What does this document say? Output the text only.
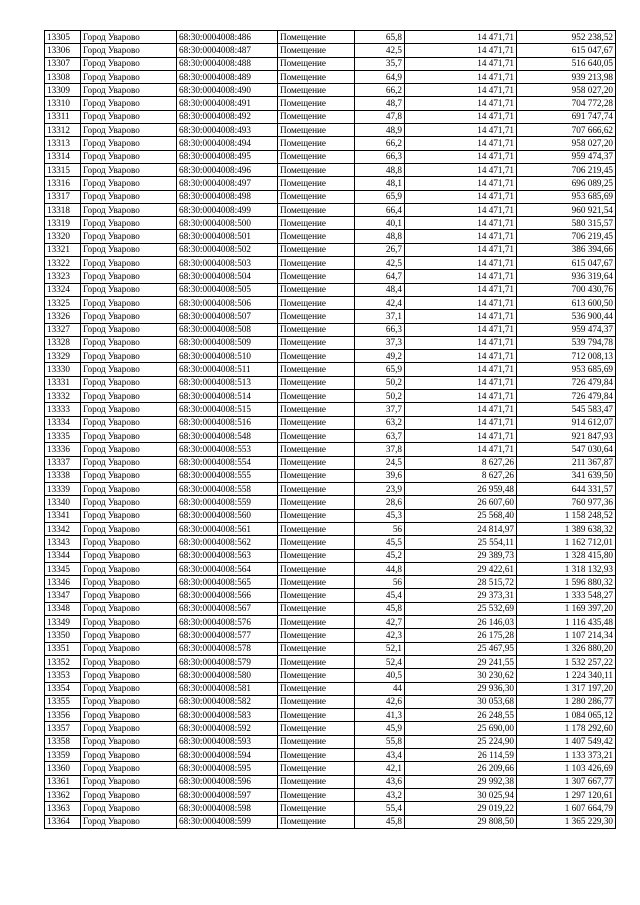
13305	Город Уварово	68:30:0004008:486	Помещение	65,8	14 471,71	952 238,52
13306	Город Уварово	68:30:0004008:487	Помещение	42,5	14 471,71	615 047,67
13307	Город Уварово	68:30:0004008:488	Помещение	35,7	14 471,71	516 640,05
13308	Город Уварово	68:30:0004008:489	Помещение	64,9	14 471,71	939 213,98
13309	Город Уварово	68:30:0004008:490	Помещение	66,2	14 471,71	958 027,20
13310	Город Уварово	68:30:0004008:491	Помещение	48,7	14 471,71	704 772,28
13311	Город Уварово	68:30:0004008:492	Помещение	47,8	14 471,71	691 747,74
13312	Город Уварово	68:30:0004008:493	Помещение	48,9	14 471,71	707 666,62
13313	Город Уварово	68:30:0004008:494	Помещение	66,2	14 471,71	958 027,20
13314	Город Уварово	68:30:0004008:495	Помещение	66,3	14 471,71	959 474,37
13315	Город Уварово	68:30:0004008:496	Помещение	48,8	14 471,71	706 219,45
13316	Город Уварово	68:30:0004008:497	Помещение	48,1	14 471,71	696 089,25
13317	Город Уварово	68:30:0004008:498	Помещение	65,9	14 471,71	953 685,69
13318	Город Уварово	68:30:0004008:499	Помещение	66,4	14 471,71	960 921,54
13319	Город Уварово	68:30:0004008:500	Помещение	40,1	14 471,71	580 315,57
13320	Город Уварово	68:30:0004008:501	Помещение	48,8	14 471,71	706 219,45
13321	Город Уварово	68:30:0004008:502	Помещение	26,7	14 471,71	386 394,66
13322	Город Уварово	68:30:0004008:503	Помещение	42,5	14 471,71	615 047,67
13323	Город Уварово	68:30:0004008:504	Помещение	64,7	14 471,71	936 319,64
13324	Город Уварово	68:30:0004008:505	Помещение	48,4	14 471,71	700 430,76
13325	Город Уварово	68:30:0004008:506	Помещение	42,4	14 471,71	613 600,50
13326	Город Уварово	68:30:0004008:507	Помещение	37,1	14 471,71	536 900,44
13327	Город Уварово	68:30:0004008:508	Помещение	66,3	14 471,71	959 474,37
13328	Город Уварово	68:30:0004008:509	Помещение	37,3	14 471,71	539 794,78
13329	Город Уварово	68:30:0004008:510	Помещение	49,2	14 471,71	712 008,13
13330	Город Уварово	68:30:0004008:511	Помещение	65,9	14 471,71	953 685,69
13331	Город Уварово	68:30:0004008:513	Помещение	50,2	14 471,71	726 479,84
13332	Город Уварово	68:30:0004008:514	Помещение	50,2	14 471,71	726 479,84
13333	Город Уварово	68:30:0004008:515	Помещение	37,7	14 471,71	545 583,47
13334	Город Уварово	68:30:0004008:516	Помещение	63,2	14 471,71	914 612,07
13335	Город Уварово	68:30:0004008:548	Помещение	63,7	14 471,71	921 847,93
13336	Город Уварово	68:30:0004008:553	Помещение	37,8	14 471,71	547 030,64
13337	Город Уварово	68:30:0004008:554	Помещение	24,5	8 627,26	211 367,87
13338	Город Уварово	68:30:0004008:555	Помещение	39,6	8 627,26	341 639,50
13339	Город Уварово	68:30:0004008:558	Помещение	23,9	26 959,48	644 331,57
13340	Город Уварово	68:30:0004008:559	Помещение	28,6	26 607,60	760 977,36
13341	Город Уварово	68:30:0004008:560	Помещение	45,3	25 568,40	1 158 248,52
13342	Город Уварово	68:30:0004008:561	Помещение	56	24 814,97	1 389 638,32
13343	Город Уварово	68:30:0004008:562	Помещение	45,5	25 554,11	1 162 712,01
13344	Город Уварово	68:30:0004008:563	Помещение	45,2	29 389,73	1 328 415,80
13345	Город Уварово	68:30:0004008:564	Помещение	44,8	29 422,61	1 318 132,93
13346	Город Уварово	68:30:0004008:565	Помещение	56	28 515,72	1 596 880,32
13347	Город Уварово	68:30:0004008:566	Помещение	45,4	29 373,31	1 333 548,27
13348	Город Уварово	68:30:0004008:567	Помещение	45,8	25 532,69	1 169 397,20
13349	Город Уварово	68:30:0004008:576	Помещение	42,7	26 146,03	1 116 435,48
13350	Город Уварово	68:30:0004008:577	Помещение	42,3	26 175,28	1 107 214,34
13351	Город Уварово	68:30:0004008:578	Помещение	52,1	25 467,95	1 326 880,20
13352	Город Уварово	68:30:0004008:579	Помещение	52,4	29 241,55	1 532 257,22
13353	Город Уварово	68:30:0004008:580	Помещение	40,5	30 230,62	1 224 340,11
13354	Город Уварово	68:30:0004008:581	Помещение	44	29 936,30	1 317 197,20
13355	Город Уварово	68:30:0004008:582	Помещение	42,6	30 053,68	1 280 286,77
13356	Город Уварово	68:30:0004008:583	Помещение	41,3	26 248,55	1 084 065,12
13357	Город Уварово	68:30:0004008:592	Помещение	45,9	25 690,00	1 178 292,60
13358	Город Уварово	68:30:0004008:593	Помещение	55,8	25 224,90	1 407 549,42
13359	Город Уварово	68:30:0004008:594	Помещение	43,4	26 114,59	1 133 373,21
13360	Город Уварово	68:30:0004008:595	Помещение	42,1	26 209,66	1 103 426,69
13361	Город Уварово	68:30:0004008:596	Помещение	43,6	29 992,38	1 307 667,77
13362	Город Уварово	68:30:0004008:597	Помещение	43,2	30 025,94	1 297 120,61
13363	Город Уварово	68:30:0004008:598	Помещение	55,4	29 019,22	1 607 664,79
13364	Город Уварово	68:30:0004008:599	Помещение	45,8	29 808,50	1 365 229,30
